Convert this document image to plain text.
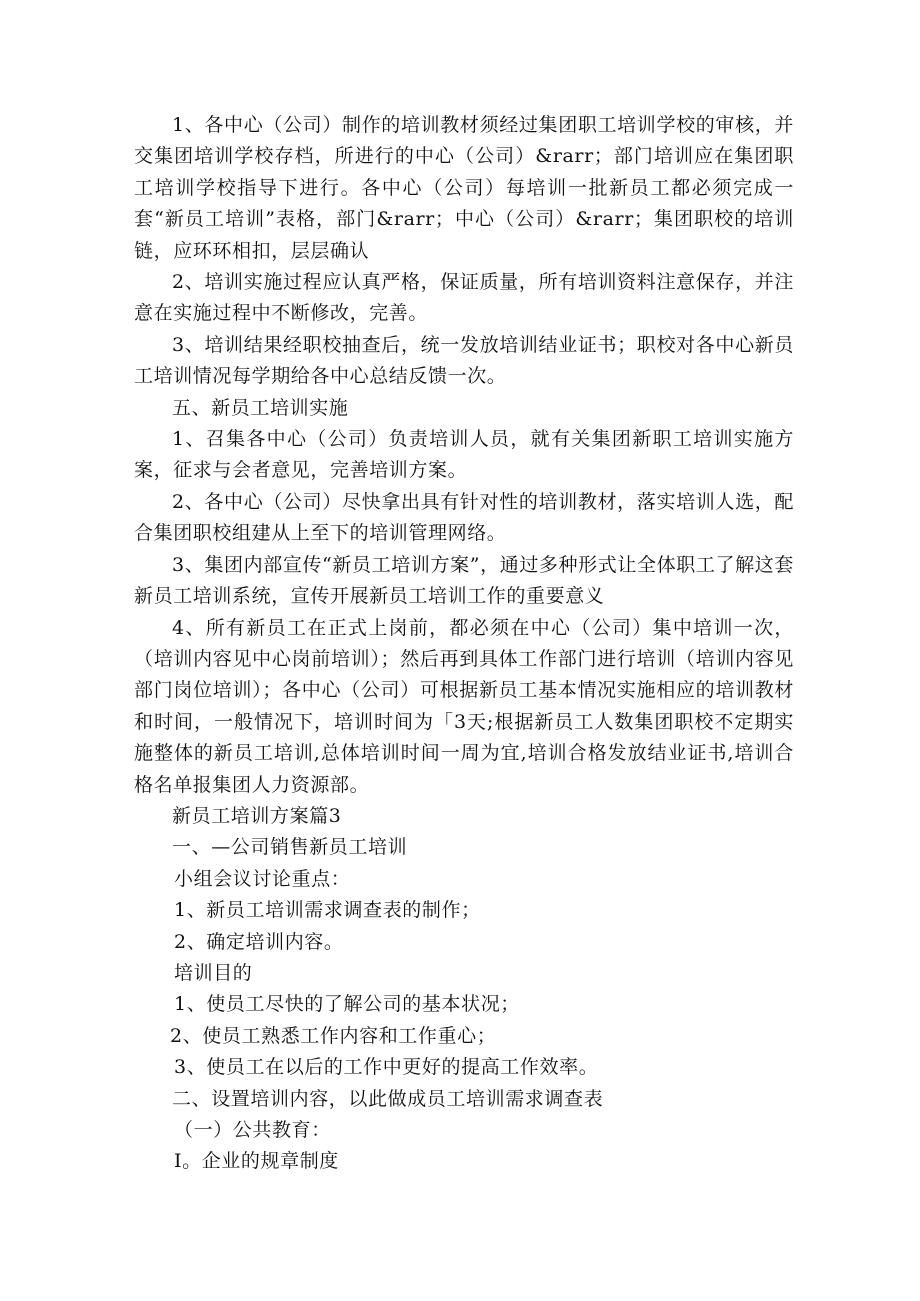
1、各中心（公司）制作的培训教材须经过集团职工培训学校的审核，并交集团培训学校存档，所进行的中心（公司）&rarr；部门培训应在集团职工培训学校指导下进行。各中心（公司）每培训一批新员工都必须完成一套“新员工培训”表格，部门&rarr；中心（公司）&rarr；集团职校的培训链，应环环相扣，层层确认

2、培训实施过程应认真严格，保证质量，所有培训资料注意保存，并注意在实施过程中不断修改，完善。

3、培训结果经职校抽查后，统一发放培训结业证书；职校对各中心新员工培训情况每学期给各中心总结反馈一次。

五、新员工培训实施

1、召集各中心（公司）负责培训人员，就有关集团新职工培训实施方案，征求与会者意见，完善培训方案。

2、各中心（公司）尽快拿出具有针对性的培训教材，落实培训人选，配合集团职校组建从上至下的培训管理网络。

3、集团内部宣传“新员工培训方案”，通过多种形式让全体职工了解这套新员工培训系统，宣传开展新员工培训工作的重要意义

4、所有新员工在正式上岗前，都必须在中心（公司）集中培训一次，（培训内容见中心岗前培训）；然后再到具体工作部门进行培训（培训内容见部门岗位培训）；各中心（公司）可根据新员工基本情况实施相应的培训教材和时间，一般情况下，培训时间为「3天;根据新员工人数集团职校不定期实施整体的新员工培训,总体培训时间一周为宜,培训合格发放结业证书,培训合格名单报集团人力资源部。

新员工培训方案篇3

一、—公司销售新员工培训

小组会议讨论重点：

1、新员工培训需求调查表的制作；

2、确定培训内容。

培训目的

1、使员工尽快的了解公司的基本状况；

2、使员工熟悉工作内容和工作重心；

3、使员工在以后的工作中更好的提高工作效率。

二、设置培训内容，以此做成员工培训需求调查表

（一）公共教育：

I。企业的规章制度
